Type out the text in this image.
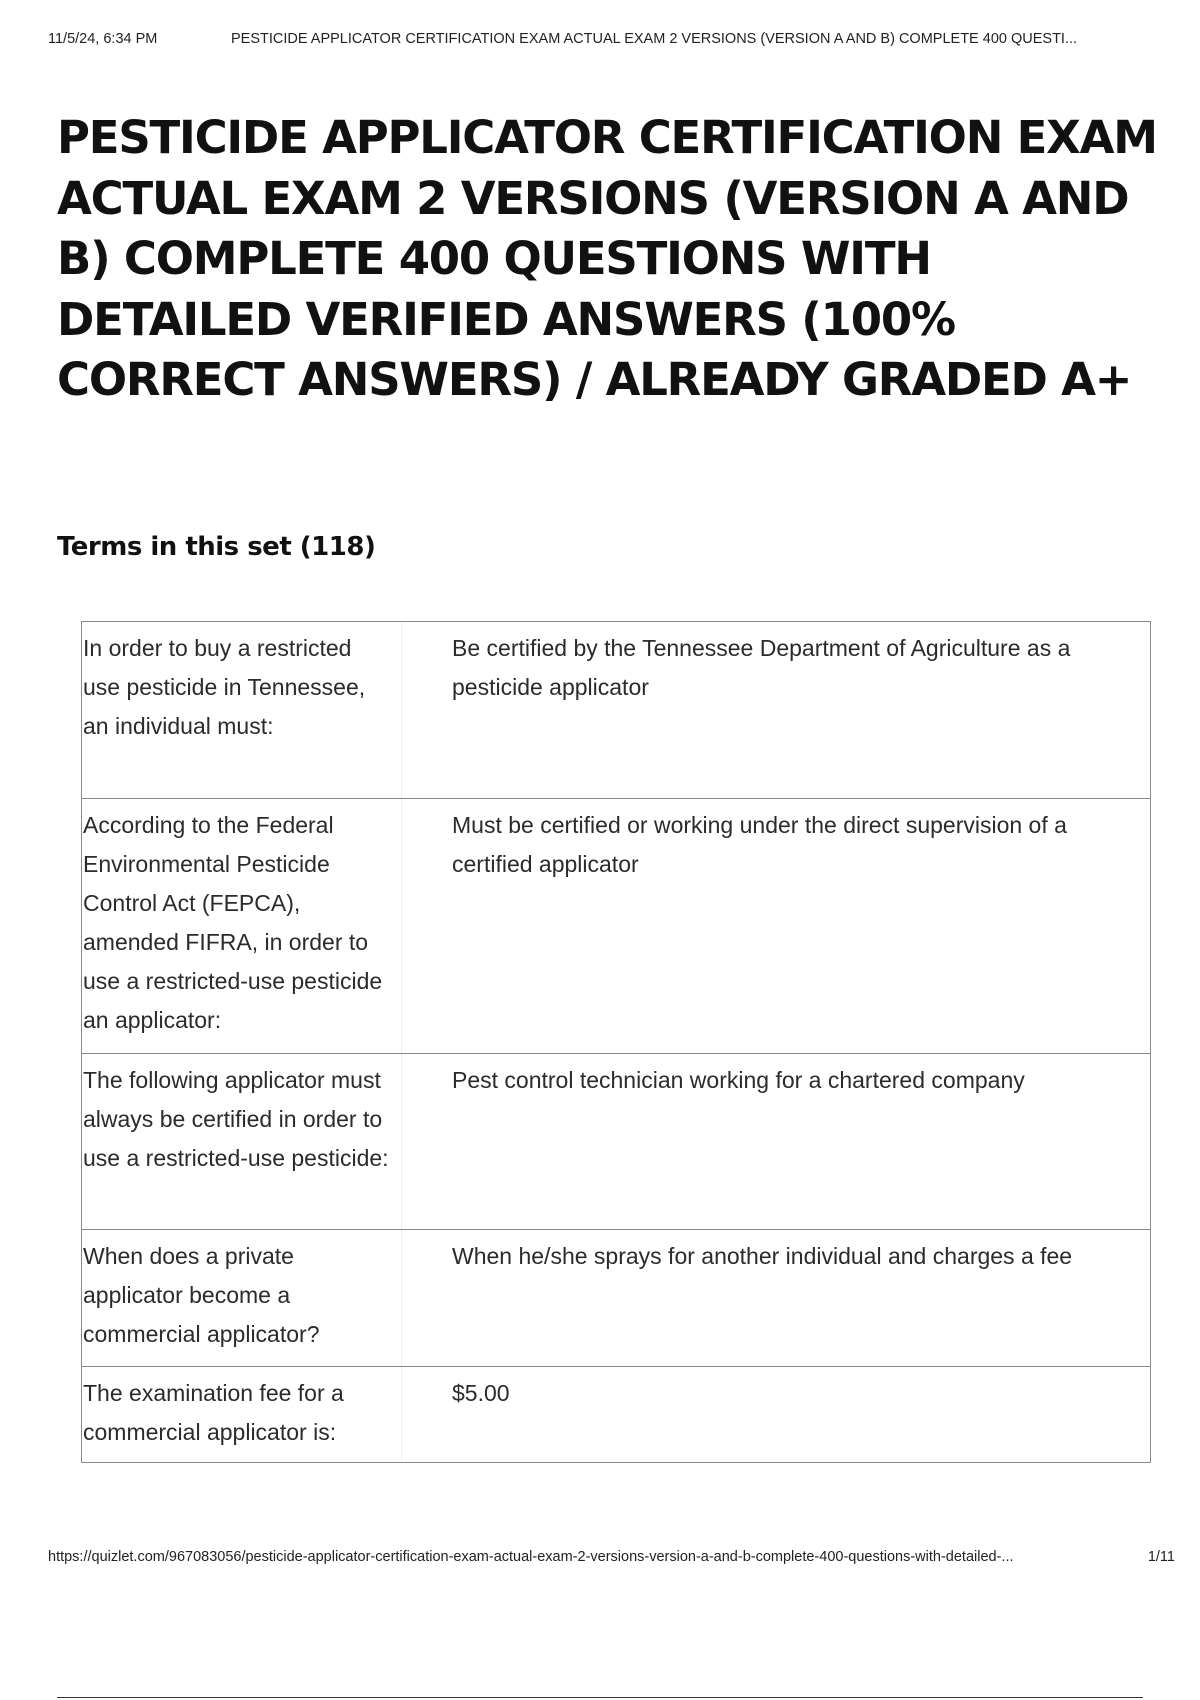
11/5/24, 6:34 PM	PESTICIDE APPLICATOR CERTIFICATION EXAM ACTUAL EXAM 2 VERSIONS (VERSION A AND B) COMPLETE 400 QUESTI...
PESTICIDE APPLICATOR CERTIFICATION EXAM ACTUAL EXAM 2 VERSIONS (VERSION A AND B) COMPLETE 400 QUESTIONS WITH DETAILED VERIFIED ANSWERS (100% CORRECT ANSWERS) / ALREADY GRADED A+
Terms in this set (118)
In order to buy a restricted use pesticide in Tennessee, an individual must:
Be certified by the Tennessee Department of Agriculture as a pesticide applicator
According to the Federal Environmental Pesticide Control Act (FEPCA), amended FIFRA, in order to use a restricted-use pesticide an applicator:
Must be certified or working under the direct supervision of a certified applicator
The following applicator must always be certified in order to use a restricted-use pesticide:
Pest control technician working for a chartered company
When does a private applicator become a commercial applicator?
When he/she sprays for another individual and charges a fee
The examination fee for a commercial applicator is:
$5.00
https://quizlet.com/967083056/pesticide-applicator-certification-exam-actual-exam-2-versions-version-a-and-b-complete-400-questions-with-detailed-...	1/11
